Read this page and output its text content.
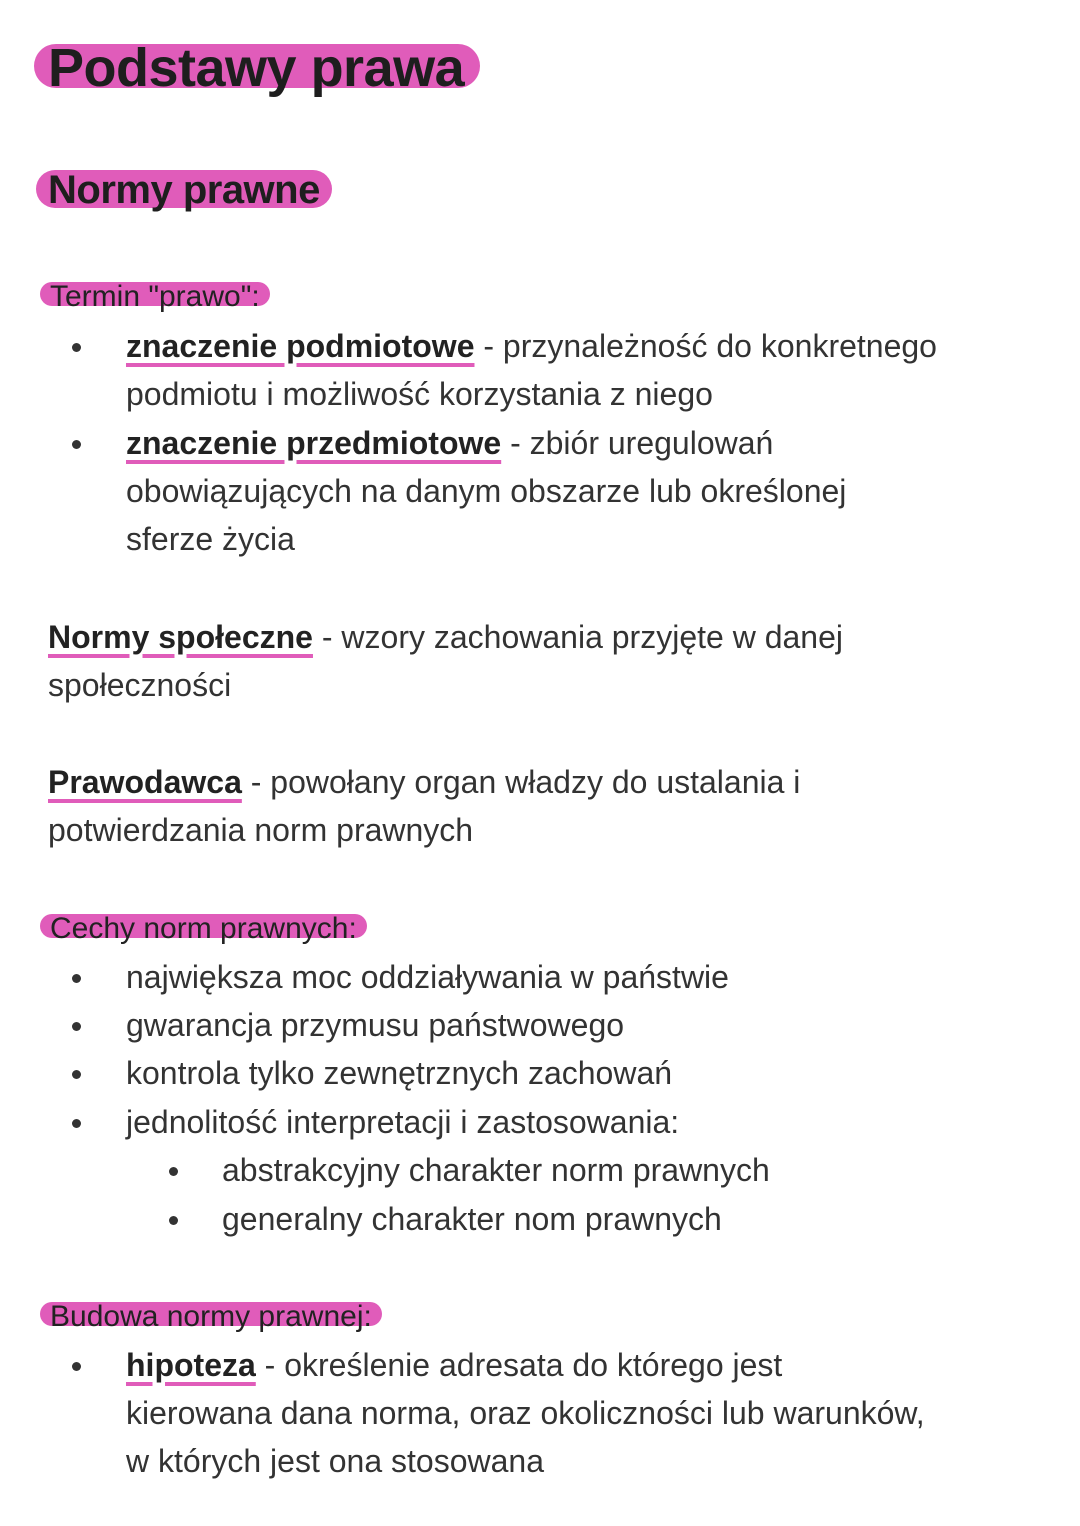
Podstawy prawa
Normy prawne
Termin "prawo":
znaczenie podmiotowe - przynależność do konkretnego
podmiotu i możliwość korzystania z niego
znaczenie przedmiotowe - zbiór uregulowań
obowiązujących na danym obszarze lub określonej
sferze życia
Normy społeczne - wzory zachowania przyjęte w danej
społeczności
Prawodawca - powołany organ władzy do ustalania i
potwierdzania norm prawnych
Cechy norm prawnych:
największa moc oddziaływania w państwie
gwarancja przymusu państwowego
kontrola tylko zewnętrznych zachowań
jednolitość interpretacji i zastosowania:
abstrakcyjny charakter norm prawnych
generalny charakter nom prawnych
Budowa normy prawnej:
hipoteza - określenie adresata do którego jest
kierowana dana norma, oraz okoliczności lub warunków,
w których jest ona stosowana
